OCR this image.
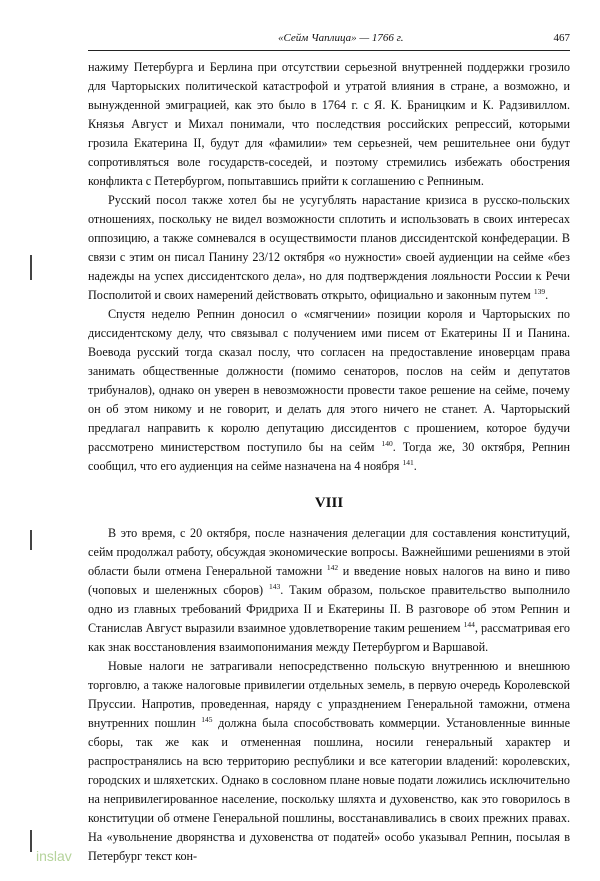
«Сейм Чаплица» — 1766 г.	467

нажиму Петербурга и Берлина при отсутствии серьезной внутренней поддержки грозило для Чарторыских политической катастрофой и утратой влияния в стране, а возможно, и вынужденной эмиграцией, как это было в 1764 г. с Я. К. Браницким и К. Радзивиллом. Князья Август и Михал понимали, что последствия российских репрессий, которыми грозила Екатерина II, будут для «фамилии» тем серьезней, чем решительнее они будут сопротивляться воле государств-соседей, и поэтому стремились избежать обострения конфликта с Петербургом, попытавшись прийти к соглашению с Репниным.

Русский посол также хотел бы не усугублять нарастание кризиса в русско-польских отношениях, поскольку не видел возможности сплотить и использовать в своих интересах оппозицию, а также сомневался в осуществимости планов диссидентской конфедерации. В связи с этим он писал Панину 23/12 октября «о нужности» своей аудиенции на сейме «без надежды на успех диссидентского дела», но для подтверждения лояльности России к Речи Посполитой и своих намерений действовать открыто, официально и законным путем $^{139}$.

Спустя неделю Репнин доносил о «смягчении» позиции короля и Чарторыских по диссидентскому делу, что связывал с получением ими писем от Екатерины II и Панина. Воевода русский тогда сказал послу, что согласен на предоставление иноверцам права занимать общественные должности (помимо сенаторов, послов на сейм и депутатов трибуналов), однако он уверен в невозможности провести такое решение на сейме, почему он об этом никому и не говорит, и делать для этого ничего не станет. А. Чарторыский предлагал направить к королю депутацию диссидентов с прошением, которое будучи рассмотрено министерством поступило бы на сейм $^{140}$. Тогда же, 30 октября, Репнин сообщил, что его аудиенция на сейме назначена на 4 ноября $^{141}$.

VIII

В это время, с 20 октября, после назначения делегации для составления конституций, сейм продолжал работу, обсуждая экономические вопросы. Важнейшими решениями в этой области были отмена Генеральной таможни $^{142}$ и введение новых налогов на вино и пиво (чоповых и шеленжных сборов) $^{143}$. Таким образом, польское правительство выполнило одно из главных требований Фридриха II и Екатерины II. В разговоре об этом Репнин и Станислав Август выразили взаимное удовлетворение таким решением $^{144}$, рассматривая его как знак восстановления взаимопонимания между Петербургом и Варшавой.

Новые налоги не затрагивали непосредственно польскую внутреннюю и внешнюю торговлю, а также налоговые привилегии отдельных земель, в первую очередь Королевской Пруссии. Напротив, проведенная, наряду с упразднением Генеральной таможни, отмена внутренних пошлин $^{145}$ должна была способствовать коммерции. Установленные винные сборы, так же как и отмененная пошлина, носили генеральный характер и распространялись на всю территорию республики и все категории владений: королевских, городских и шляхетских. Однако в сословном плане новые подати ложились исключительно на непривилегированное население, поскольку шляхта и духовенство, как это говорилось в конституции об отмене Генеральной пошлины, восстанавливались в своих прежних правах. На «увольнение дворянства и духовенства от податей» особо указывал Репнин, посылая в Петербург текст кон-

inslav
